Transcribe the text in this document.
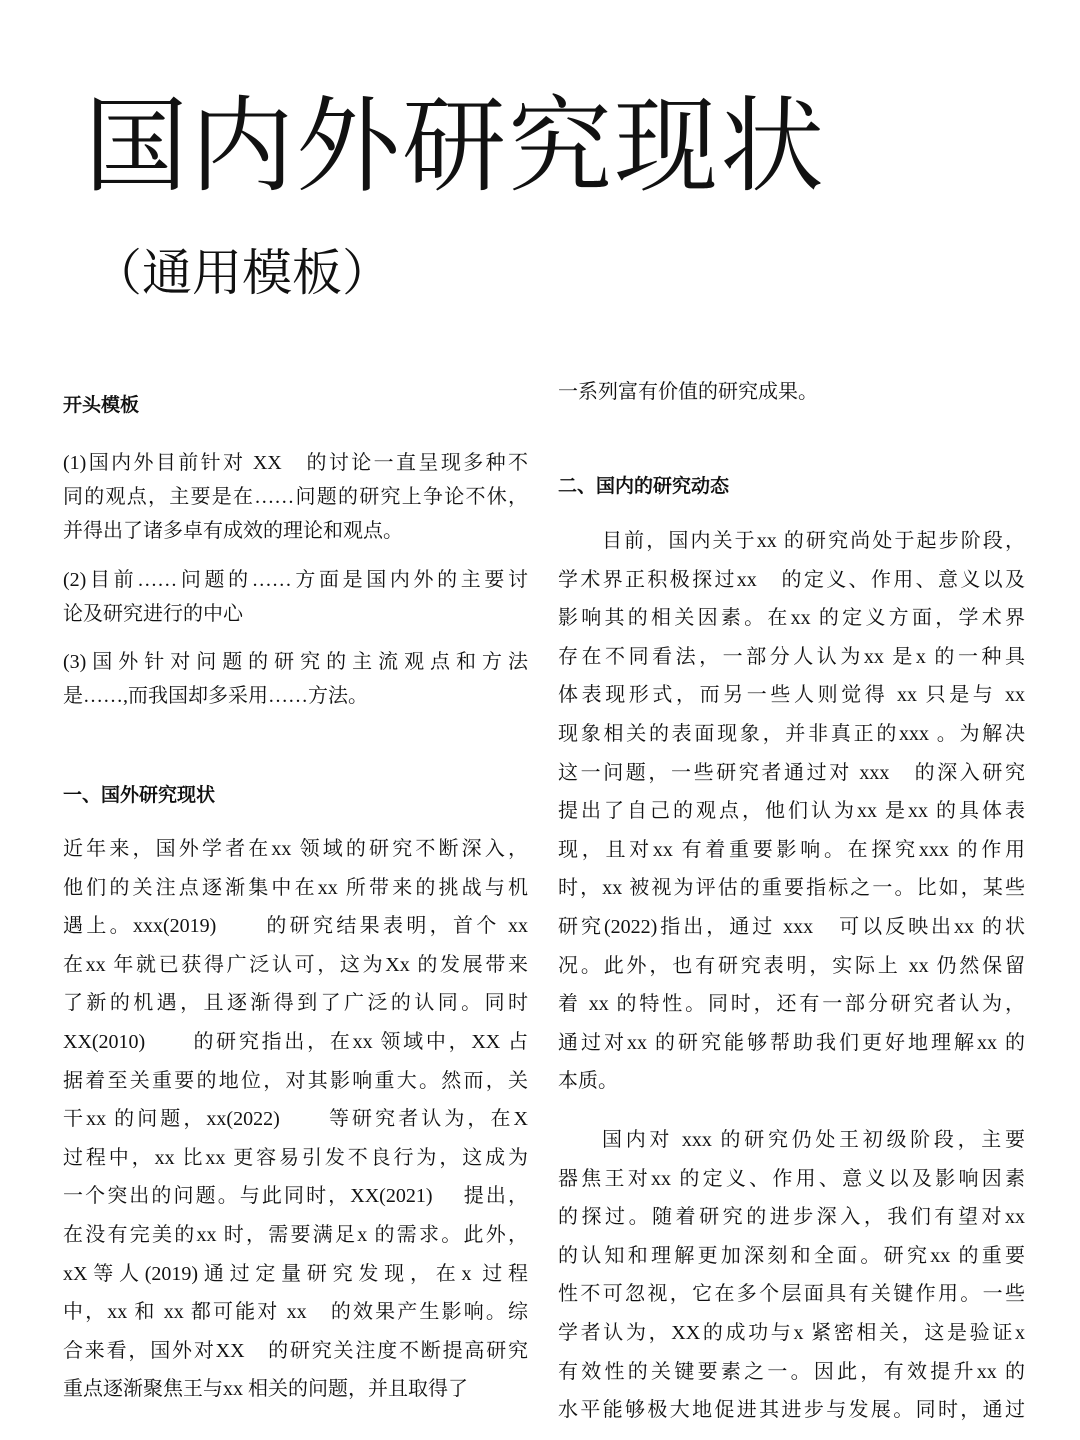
国内外研究现状
（通用模板）
开头模板
(1)国内外目前针对 XX　的讨论一直呈现多种不
同的观点，主要是在……问题的研究上争论不休，
并得出了诸多卓有成效的理论和观点。
(2)目前……问题的……方面是国内外的主要讨
论及研究进行的中心
(3)国外针对问题的研究的主流观点和方法
是……,而我国却多采用……方法。
一、国外研究现状
近年来，国外学者在xx 领域的研究不断深入，
他们的关注点逐渐集中在xx 所带来的挑战与机
遇上。xxx(2019)　　的研究结果表明，首个 xx
在xx 年就已获得广泛认可，这为Xx 的发展带来
了新的机遇，且逐渐得到了广泛的认同。同时
XX(2010)　　的研究指出，在xx 领域中，XX 占
据着至关重要的地位，对其影响重大。然而，关
干xx 的问题，xx(2022)　　等研究者认为，在X
过程中，xx 比xx 更容易引发不良行为，这成为
一个突出的问题。与此同时，XX(2021)　 提出，
在没有完美的xx 时，需要满足x 的需求。此外，
xX等人(2019)通过定量研究发现，在x 过程
中，xx 和 xx 都可能对 xx　的效果产生影响。综
合来看，国外对XX　的研究关注度不断提高研究
重点逐渐聚焦王与xx 相关的问题，并且取得了
一系列富有价值的研究成果。
二、国内的研究动态
目前，国内关于xx 的研究尚处于起步阶段，
学术界正积极探过xx　的定义、作用、意义以及
影响其的相关因素。在xx 的定义方面，学术界
存在不同看法，一部分人认为xx 是x 的一种具
体表现形式，而另一些人则觉得 xx 只是与 xx
现象相关的表面现象，并非真正的xxx 。为解决
这一问题，一些研究者通过对 xxx　的深入研究
提出了自己的观点，他们认为xx 是xx 的具体表
现，且对xx 有着重要影响。在探究xxx 的作用
时，xx 被视为评估的重要指标之一。比如，某些
研究(2022)指出，通过 xxx　可以反映出xx 的状
况。此外，也有研究表明，实际上 xx 仍然保留
着 xx 的特性。同时，还有一部分研究者认为，
通过对xx 的研究能够帮助我们更好地理解xx 的
本质。
国内对 xxx 的研究仍处王初级阶段，主要
器焦王对xx 的定义、作用、意义以及影响因素
的探过。随着研究的进步深入，我们有望对xx
的认知和理解更加深刻和全面。研究xx 的重要
性不可忽视，它在多个层面具有关键作用。一些
学者认为，XX的成功与x 紧密相关，这是验证x
有效性的关键要素之一。因此，有效提升xx 的
水平能够极大地促进其进步与发展。同时，通过
